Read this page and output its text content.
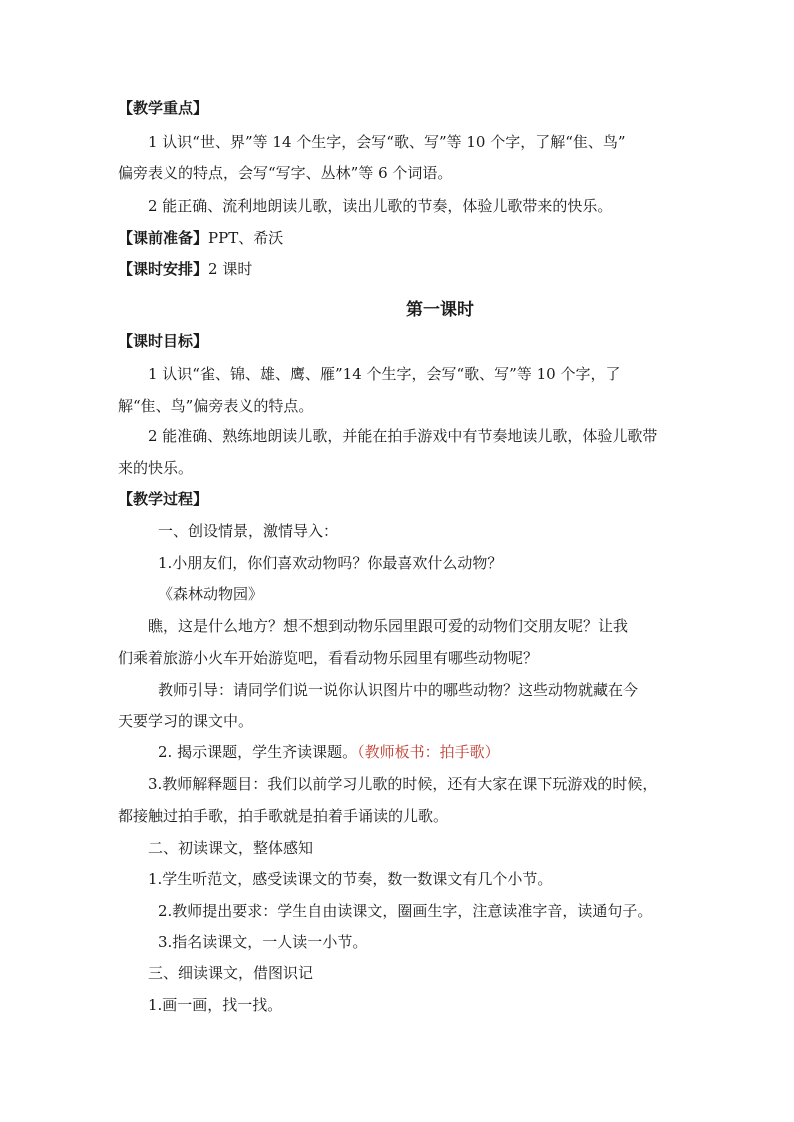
【教学重点】
1 认识“世、界”等 14 个生字，会写“歌、写”等 10 个字，了解“隹、鸟”
偏旁表义的特点，会写“写字、丛林”等 6 个词语。
2 能正确、流利地朗读儿歌，读出儿歌的节奏，体验儿歌带来的快乐。
【课前准备】PPT、希沃
【课时安排】2 课时
第一课时
【课时目标】
1 认识“雀、锦、雄、鹰、雁”14 个生字，会写“歌、写”等 10 个字，了
解“隹、鸟”偏旁表义的特点。
2 能准确、熟练地朗读儿歌，并能在拍手游戏中有节奏地读儿歌，体验儿歌带
来的快乐。
【教学过程】
一、创设情景，激情导入：
1.小朋友们，你们喜欢动物吗？你最喜欢什么动物？
《森林动物园》
瞧，这是什么地方？想不想到动物乐园里跟可爱的动物们交朋友呢？让我
们乘着旅游小火车开始游览吧，看看动物乐园里有哪些动物呢？
教师引导：请同学们说一说你认识图片中的哪些动物？这些动物就藏在今
天要学习的课文中。
2. 揭示课题，学生齐读课题。（教师板书：拍手歌）
3.教师解释题目：我们以前学习儿歌的时候，还有大家在课下玩游戏的时候，
都接触过拍手歌，拍手歌就是拍着手诵读的儿歌。
二、初读课文，整体感知
1.学生听范文，感受读课文的节奏，数一数课文有几个小节。
2.教师提出要求：学生自由读课文，圈画生字，注意读准字音，读通句子。
3.指名读课文，一人读一小节。
三、细读课文，借图识记
1.画一画，找一找。
